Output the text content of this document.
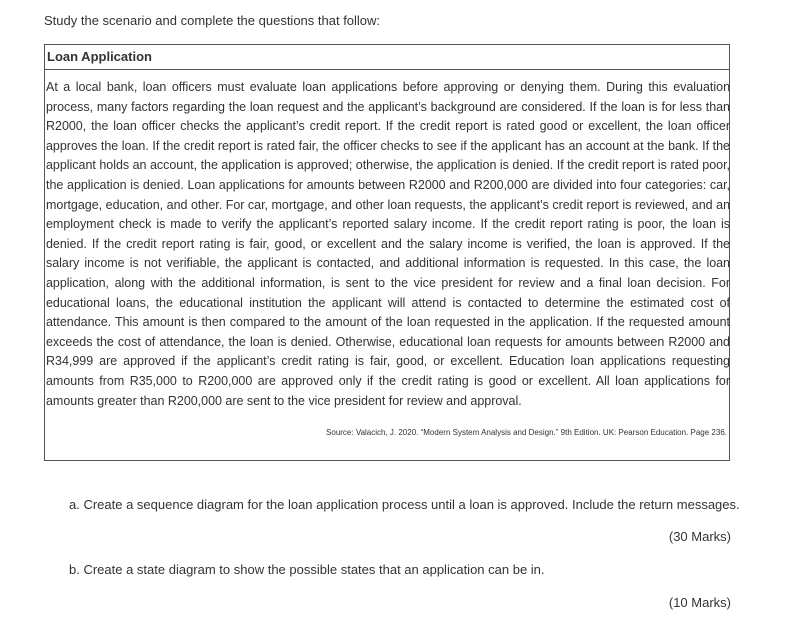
Study the scenario and complete the questions that follow:
Loan Application
At a local bank, loan officers must evaluate loan applications before approving or denying them. During this evaluation process, many factors regarding the loan request and the applicant’s background are considered. If the loan is for less than R2000, the loan officer checks the applicant’s credit report. If the credit report is rated good or excellent, the loan officer approves the loan. If the credit report is rated fair, the officer checks to see if the applicant has an account at the bank. If the applicant holds an account, the application is approved; otherwise, the application is denied. If the credit report is rated poor, the application is denied. Loan applications for amounts between R2000 and R200,000 are divided into four categories: car, mortgage, education, and other. For car, mortgage, and other loan requests, the applicant’s credit report is reviewed, and an employment check is made to verify the applicant’s reported salary income. If the credit report rating is poor, the loan is denied. If the credit report rating is fair, good, or excellent and the salary income is verified, the loan is approved. If the salary income is not verifiable, the applicant is contacted, and additional information is requested. In this case, the loan application, along with the additional information, is sent to the vice president for review and a final loan decision. For educational loans, the educational institution the applicant will attend is contacted to determine the estimated cost of attendance. This amount is then compared to the amount of the loan requested in the application. If the requested amount exceeds the cost of attendance, the loan is denied. Otherwise, educational loan requests for amounts between R2000 and R34,999 are approved if the applicant’s credit rating is fair, good, or excellent. Education loan applications requesting amounts from R35,000 to R200,000 are approved only if the credit rating is good or excellent. All loan applications for amounts greater than R200,000 are sent to the vice president for review and approval.
Source: Valacich, J. 2020. “Modern System Analysis and Design.” 9th Edition. UK: Pearson Education. Page 236.
a. Create a sequence diagram for the loan application process until a loan is approved. Include the return messages.
(30 Marks)
b. Create a state diagram to show the possible states that an application can be in.
(10 Marks)
